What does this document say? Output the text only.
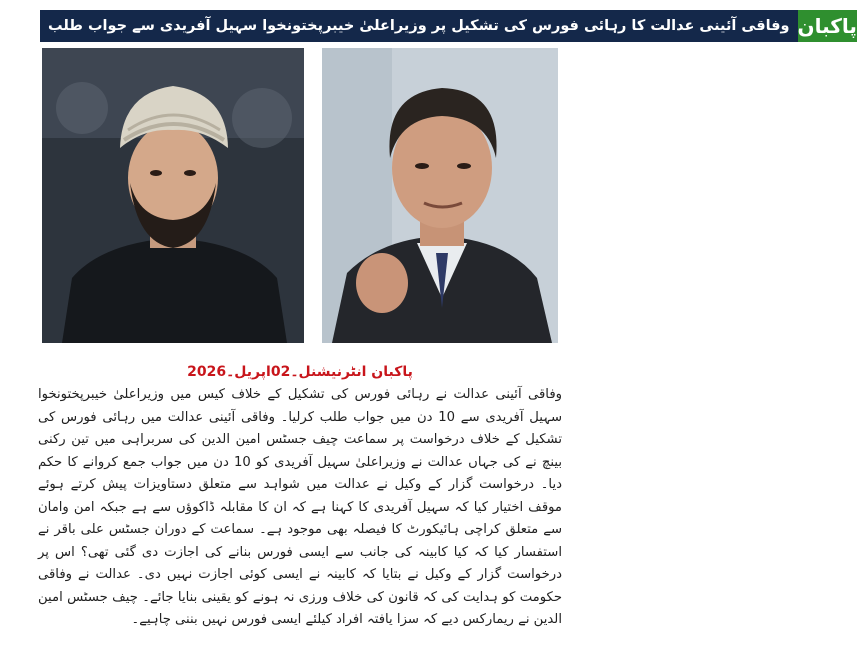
وفاقی آئینی عدالت کا رہائی فورس کی تشکیل پر وزیراعلیٰ خیبرپختونخوا سہیل آفریدی سے جواب طلب پاکبان
پاکبان انٹرنیشنل۔02اپریل۔2026
وفاقی آئینی عدالت نے رہائی فورس کی تشکیل کے خلاف کیس میں وزیراعلیٰ خیبرپختونخوا سہیل آفریدی سے 10 دن میں جواب طلب کرلیا۔ وفاقی آئینی عدالت میں رہائی فورس کی تشکیل کے خلاف درخواست پر سماعت چیف جسٹس امین الدین کی سربراہی میں تین رکنی بینچ نے کی جہاں عدالت نے وزیراعلیٰ سہیل آفریدی کو 10 دن میں جواب جمع کروانے کا حکم دیا۔ درخواست گزار کے وکیل نے عدالت میں شواہد سے متعلق دستاویزات پیش کرتے ہوئے موقف اختیار کیا کہ سہیل آفریدی کا کہنا ہے کہ ان کا مقابلہ ڈاکوؤں سے ہے جبکہ امن وامان سے متعلق کراچی ہائیکورٹ کا فیصلہ بھی موجود ہے۔ سماعت کے دوران جسٹس علی باقر نے استفسار کیا کہ کیا کابینہ کی جانب سے ایسی فورس بنانے کی اجازت دی گئی تھی؟ اس پر درخواست گزار کے وکیل نے بتایا کہ کابینہ نے ایسی کوئی اجازت نہیں دی۔ عدالت نے وفاقی حکومت کو ہدایت کی کہ قانون کی خلاف ورزی نہ ہونے کو یقینی بنایا جائے۔ چیف جسٹس امین الدین نے ریمارکس دیے کہ سزا یافتہ افراد کیلئے ایسی فورس نہیں بننی چاہیے۔
